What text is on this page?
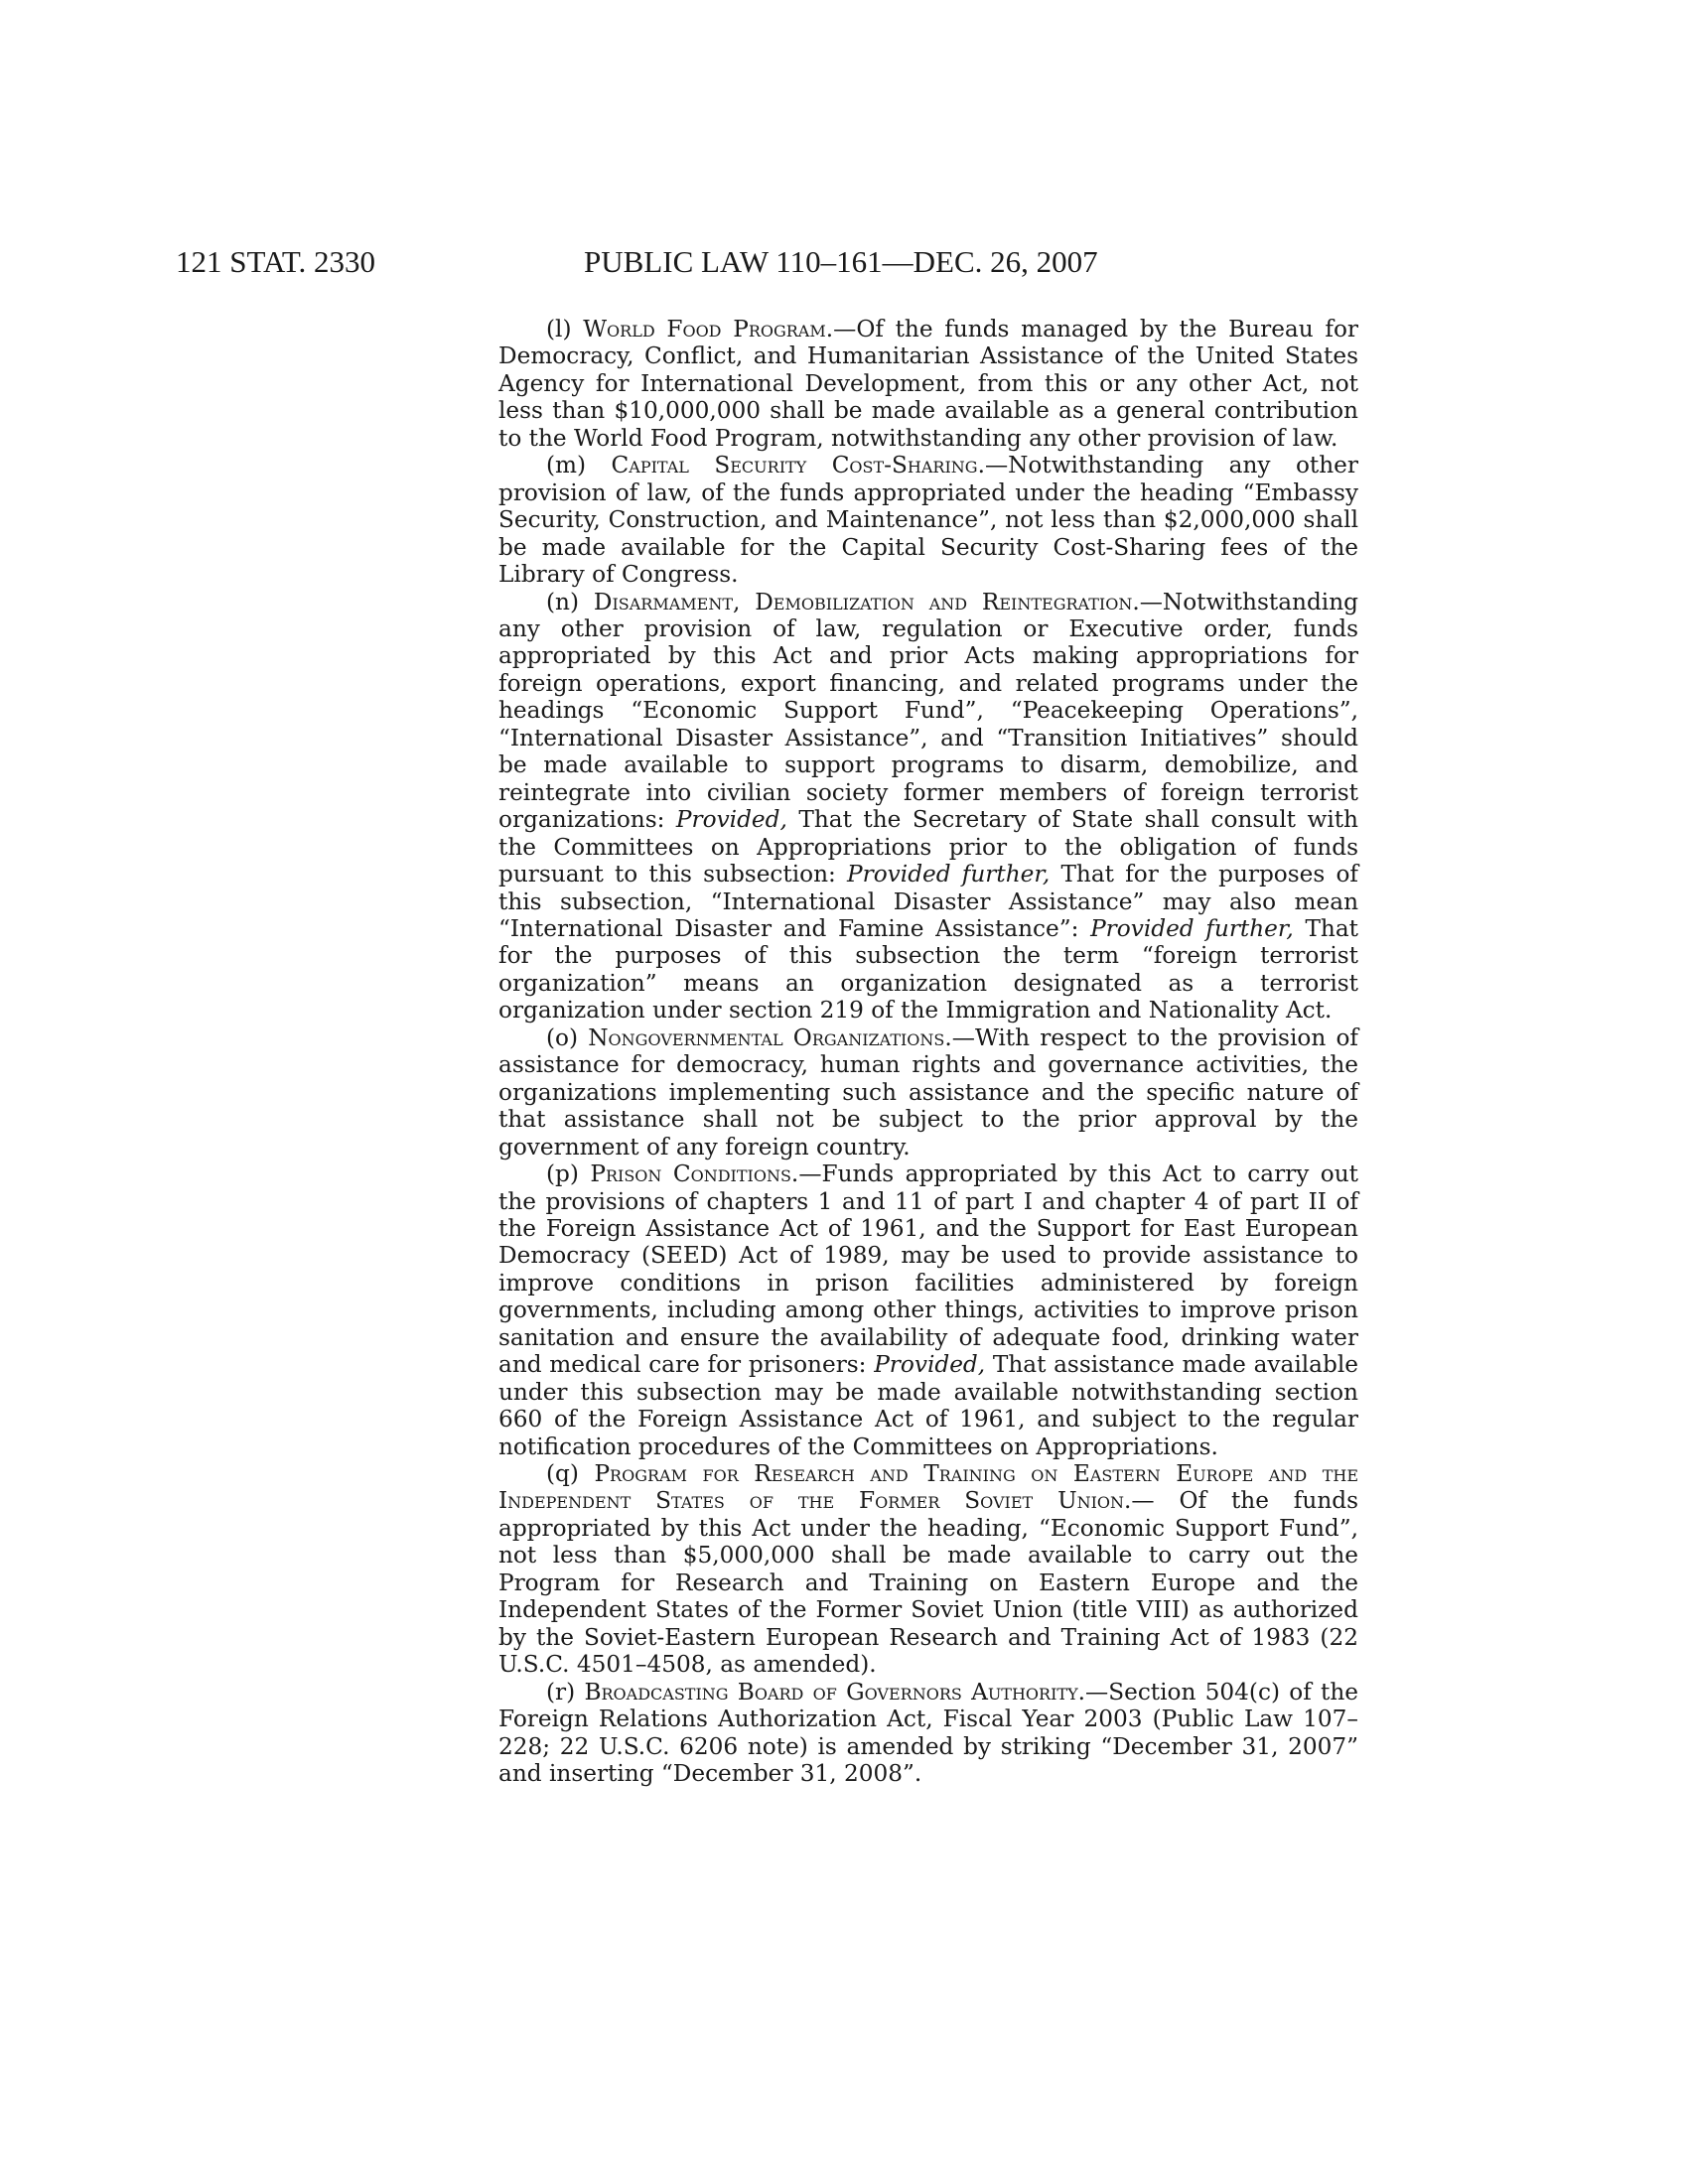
121 STAT. 2330	PUBLIC LAW 110–161—DEC. 26, 2007

(l) World Food Program.—Of the funds managed by the Bureau for Democracy, Conflict, and Humanitarian Assistance of the United States Agency for International Development, from this or any other Act, not less than $10,000,000 shall be made available as a general contribution to the World Food Program, notwithstanding any other provision of law.

(m) Capital Security Cost-Sharing.—Notwithstanding any other provision of law, of the funds appropriated under the heading “Embassy Security, Construction, and Maintenance”, not less than $2,000,000 shall be made available for the Capital Security Cost-Sharing fees of the Library of Congress.

(n) Disarmament, Demobilization and Reintegration.—Notwithstanding any other provision of law, regulation or Executive order, funds appropriated by this Act and prior Acts making appropriations for foreign operations, export financing, and related programs under the headings “Economic Support Fund”, “Peacekeeping Operations”, “International Disaster Assistance”, and “Transition Initiatives” should be made available to support programs to disarm, demobilize, and reintegrate into civilian society former members of foreign terrorist organizations: Provided, That the Secretary of State shall consult with the Committees on Appropriations prior to the obligation of funds pursuant to this subsection: Provided further, That for the purposes of this subsection, “International Disaster Assistance” may also mean “International Disaster and Famine Assistance”: Provided further, That for the purposes of this subsection the term “foreign terrorist organization” means an organization designated as a terrorist organization under section 219 of the Immigration and Nationality Act.

(o) Nongovernmental Organizations.—With respect to the provision of assistance for democracy, human rights and governance activities, the organizations implementing such assistance and the specific nature of that assistance shall not be subject to the prior approval by the government of any foreign country.

(p) Prison Conditions.—Funds appropriated by this Act to carry out the provisions of chapters 1 and 11 of part I and chapter 4 of part II of the Foreign Assistance Act of 1961, and the Support for East European Democracy (SEED) Act of 1989, may be used to provide assistance to improve conditions in prison facilities administered by foreign governments, including among other things, activities to improve prison sanitation and ensure the availability of adequate food, drinking water and medical care for prisoners: Provided, That assistance made available under this subsection may be made available notwithstanding section 660 of the Foreign Assistance Act of 1961, and subject to the regular notification procedures of the Committees on Appropriations.

(q) Program for Research and Training on Eastern Europe and the Independent States of the Former Soviet Union.— Of the funds appropriated by this Act under the heading, “Economic Support Fund”, not less than $5,000,000 shall be made available to carry out the Program for Research and Training on Eastern Europe and the Independent States of the Former Soviet Union (title VIII) as authorized by the Soviet-Eastern European Research and Training Act of 1983 (22 U.S.C. 4501–4508, as amended).

(r) Broadcasting Board of Governors Authority.—Section 504(c) of the Foreign Relations Authorization Act, Fiscal Year 2003 (Public Law 107–228; 22 U.S.C. 6206 note) is amended by striking “December 31, 2007” and inserting “December 31, 2008”.
